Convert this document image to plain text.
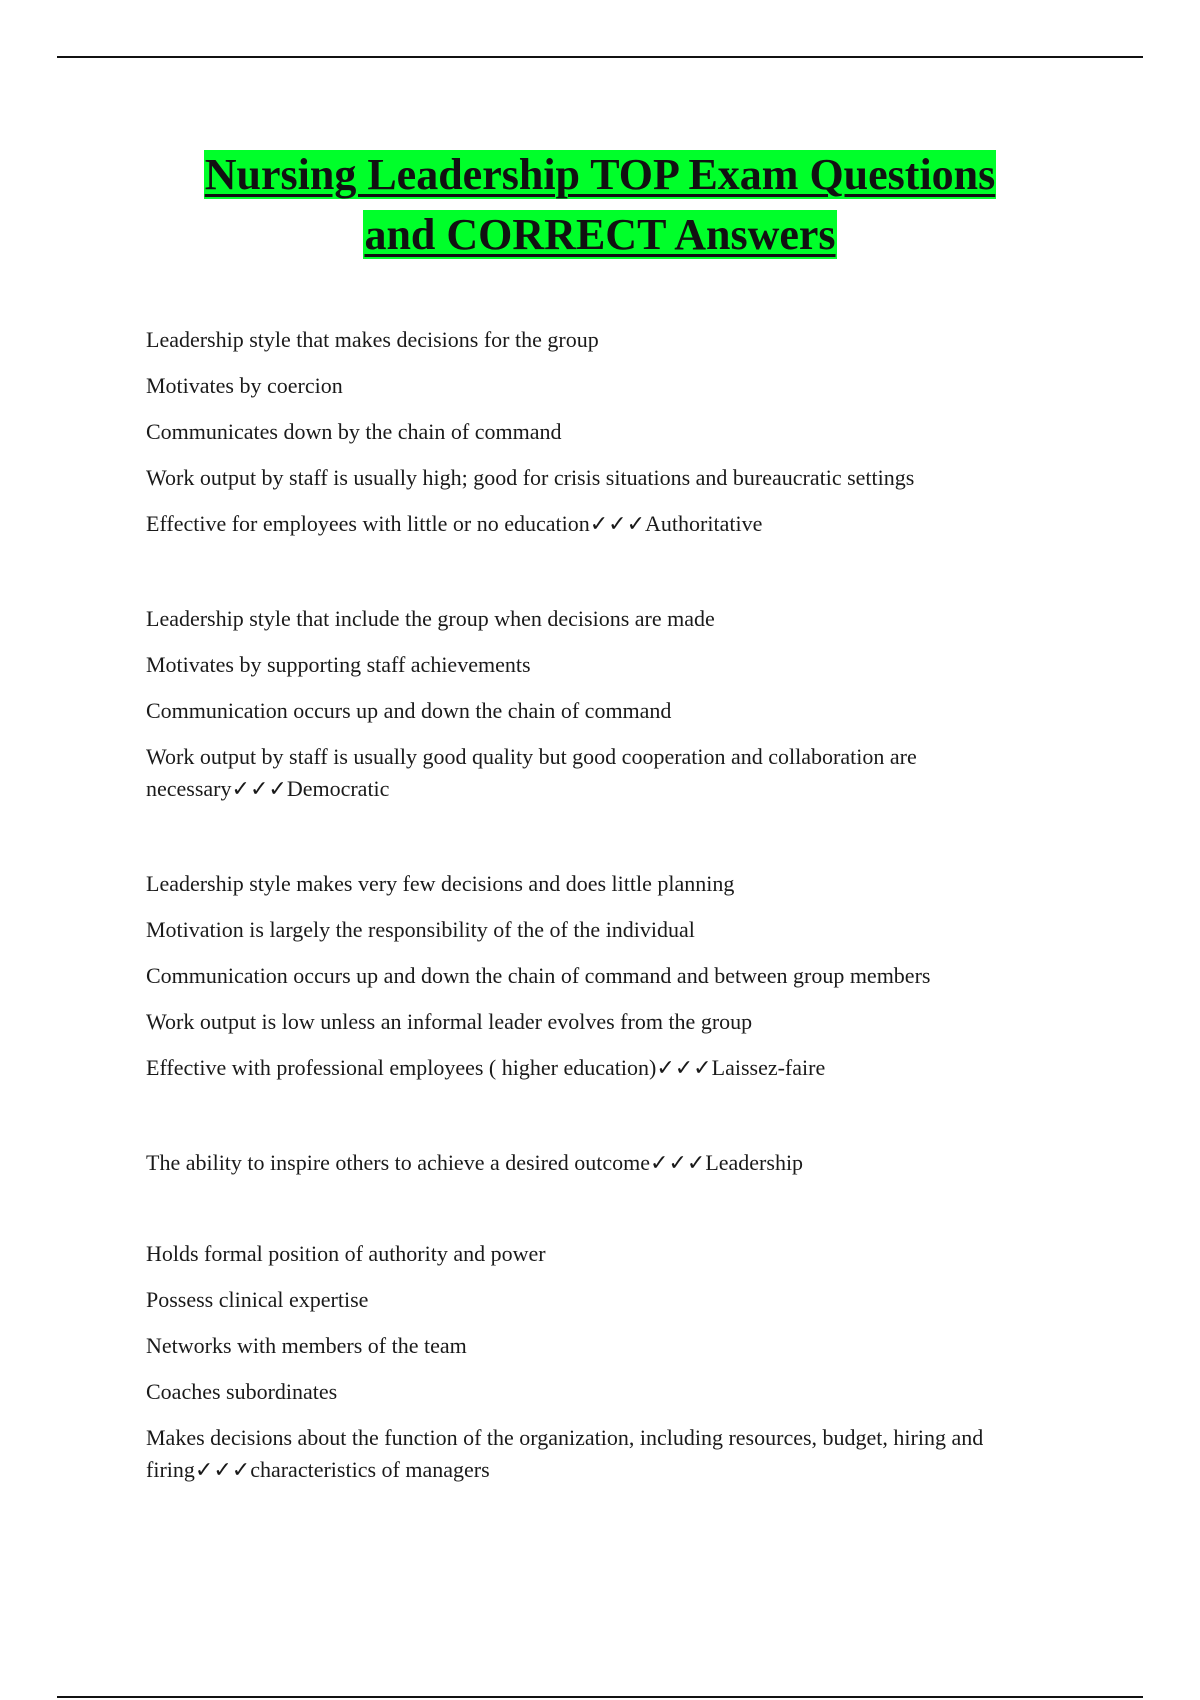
Nursing Leadership TOP Exam Questions
and CORRECT Answers
Leadership style that makes decisions for the group
Motivates by coercion
Communicates down by the chain of command
Work output by staff is usually high; good for crisis situations and bureaucratic settings
Effective for employees with little or no education✓✓✓Authoritative
Leadership style that include the group when decisions are made
Motivates by supporting staff achievements
Communication occurs up and down the chain of command
Work output by staff is usually good quality but good cooperation and collaboration are necessary✓✓✓Democratic
Leadership style makes very few decisions and does little planning
Motivation is largely the responsibility of the of the individual
Communication occurs up and down the chain of command and between group members
Work output is low unless an informal leader evolves from the group
Effective with professional employees ( higher education)✓✓✓Laissez-faire
The ability to inspire others to achieve a desired outcome✓✓✓Leadership
Holds formal position of authority and power
Possess clinical expertise
Networks with members of the team
Coaches subordinates
Makes decisions about the function of the organization, including resources, budget, hiring and firing✓✓✓characteristics of managers
